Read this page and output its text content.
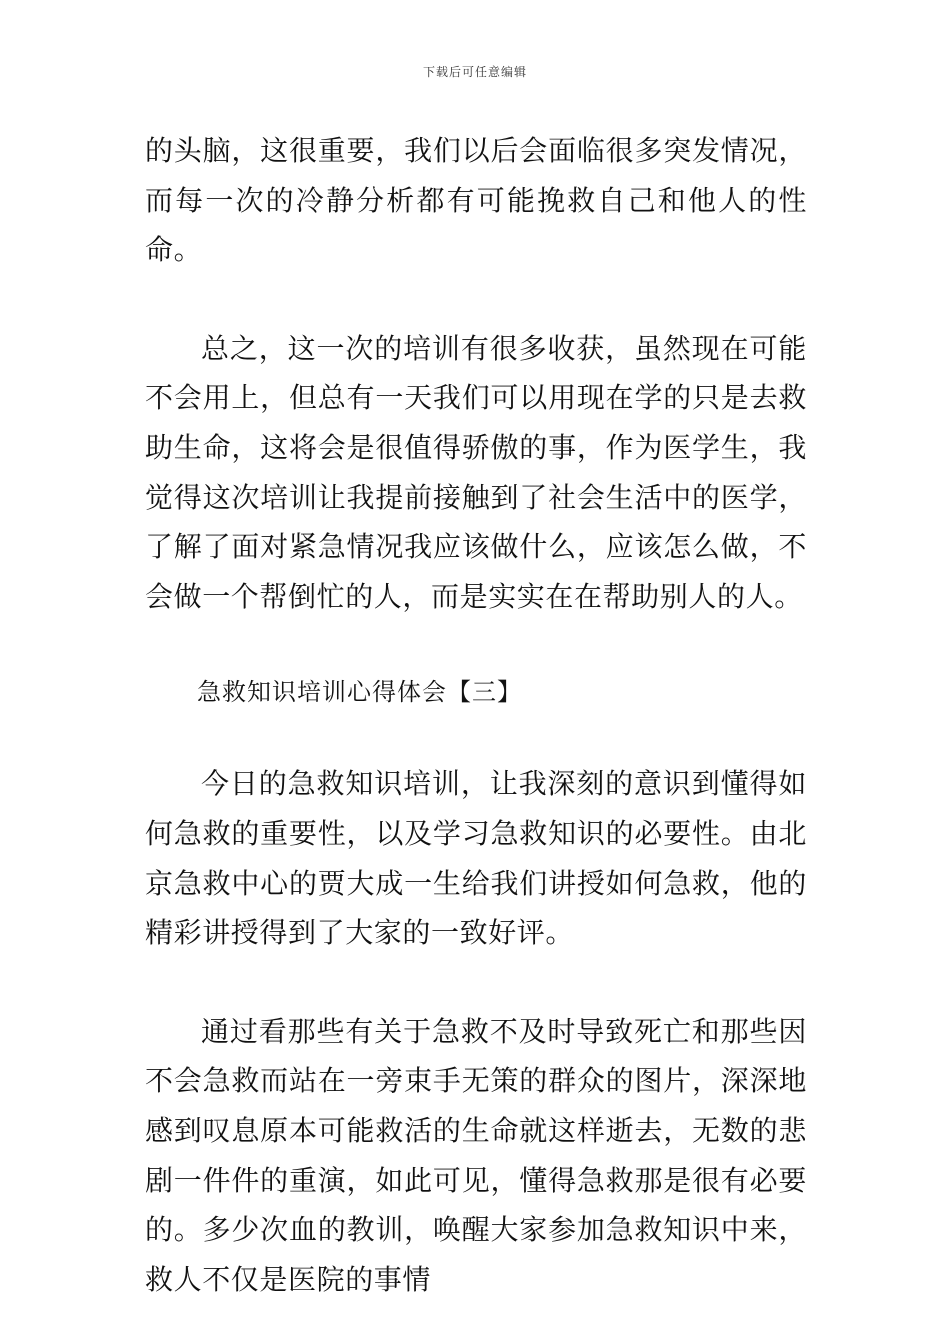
下载后可任意编辑

的头脑，这很重要，我们以后会面临很多突发情况，而每一次的冷静分析都有可能挽救自己和他人的性命。

总之，这一次的培训有很多收获，虽然现在可能不会用上，但总有一天我们可以用现在学的只是去救助生命，这将会是很值得骄傲的事，作为医学生，我觉得这次培训让我提前接触到了社会生活中的医学，了解了面对紧急情况我应该做什么，应该怎么做，不会做一个帮倒忙的人，而是实实在在帮助别人的人。

急救知识培训心得体会【三】

今日的急救知识培训，让我深刻的意识到懂得如何急救的重要性，以及学习急救知识的必要性。由北京急救中心的贾大成一生给我们讲授如何急救，他的精彩讲授得到了大家的一致好评。

通过看那些有关于急救不及时导致死亡和那些因不会急救而站在一旁束手无策的群众的图片，深深地感到叹息原本可能救活的生命就这样逝去，无数的悲剧一件件的重演，如此可见，懂得急救那是很有必要的。多少次血的教训，唤醒大家参加急救知识中来，救人不仅是医院的事情
